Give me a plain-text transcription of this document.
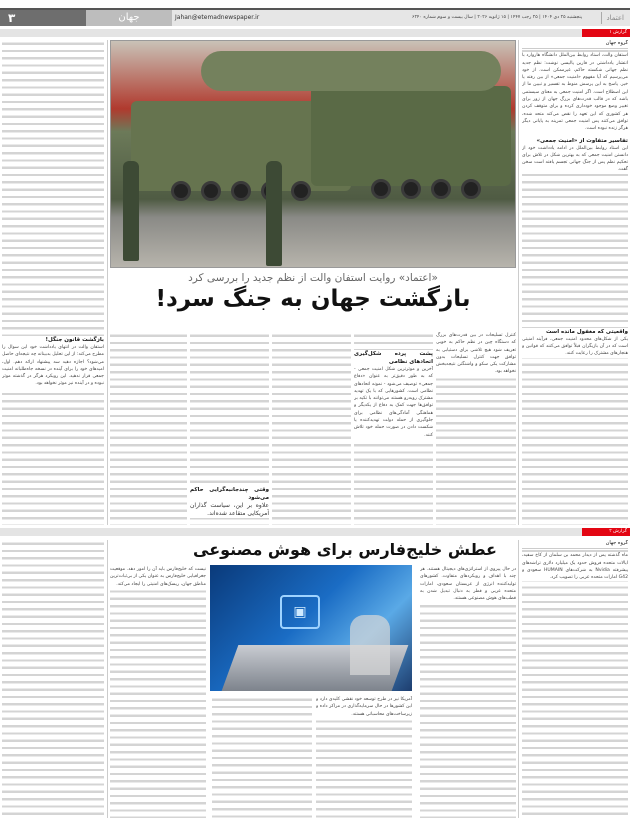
۳	جهان	Jahan@etemadnewspaper.ir	پنجشنبه ۲۵ دی ۱۴۰۴ | ۲۵ رجب ۱۴۴۷ | ۱۵ ژانویه ۲۰۲۶ | سال بیست و سوم شماره ۶۲۴۰	اعتماد
گزارش ۱
گروه جهان

استفان والت، استاد روابط بین‌الملل دانشگاه هاروارد با انتشار یادداشتی در فارین پالیسی نوشت: نظم جدید نظم جهانی شکسته حاکم، غیرممکن است. از خود می‌پرسیم که آیا مفهوم «امنیت جمعی» از بین رفته یا خیر. پاسخ به این پرسش منوط به تفسیر و تبیین ما از این اصطلاح است. اگر امنیت جمعی به معنای سیستمی باشد که در قالب قدرت‌های بزرگ جهان از زور برای تغییر وضع موجود خودداری کرده و برای متوقف کردن هر کشوری که این تعهد را نقض می‌کند متحد شده، توافق می‌کنند پس امنیت جمعی تمرینه به پایانی دیگر هرگز زنده نبوده است.

تفاسیر متفاوت از «امنیت جمعی»

این استاد روابط بین‌الملل در ادامه یادداشت خود از دانستن امنیت جمعی که به بهترین شکل در تلاش برای تحکیم نظم پس از جنگ جهانی تجسم یافته است سخن گفت.

واقعیتی که مغفول مانده است

یکی از شکل‌های محدود امنیت جمعی، فرآیند امنیتی است که در آن بازیگران قبلاً توافق می‌کنند که قوانین و هنجارهای مشترک را رعایت کنند.

«اعتماد» روایت استفان والت از نظم جدید را بررسی کرد
بازگشت جهان به جنگ سرد!

کنترل تسلیحات در بین قدرت‌های بزرگ که دستگاه چین در نظم حاکم به خوبی تعریف شود هیچ تلاشی برای دستیابی به توافق جهت کنترل تسلیحات بدون مشارکت یکی سکو و واشنگتن نتیجه‌بخش نخواهد بود.

پشت پرده شکل‌گیری اتحادهای نظامی

آخرین و موثرترین شکل امنیت جمعی - که به طور دقیق‌تر به عنوان «دفاع جمعی» توصیف می‌شود - نمونه اتحادهای نظامی است. کشورهایی که با یک تهدید مشترک روبه‌رو هستند می‌توانند با تکیه بر توافق‌ها جهت کمک به دفاع از یکدیگر و هماهنگی آمادگی‌های نظامی برای جلوگیری از حمله دولت تهدیدکننده یا شکست دادن در صورت حمله خود تلاش کنند.

وقتی چندجانبه‌گرایی حاکم می‌شود

علاوه بر این، سیاست گذاران آمریکایی متقاعد شده‌اند.

بازگشت قانون جنگل!

استفان والت در انتهای یادداشت خود این سوال را مطرح می‌کند: از این تحلیل بدبینانه چه نتیجه‌ای حاصل می‌شود؟ اجازه دهید سه پیشنهاد ارائه دهم. اول، امیدهای خود را برای آینده در نسخه جاه‌طلبانه امنیت جمعی قرار ندهید. این رویکرد هرگز در گذشته موثر نبوده و در آینده نیز موثر نخواهد بود.

گزارش ۲
گروه جهان

ماه گذشته پس از دیدار محمد بن سلمان از کاخ سفید، ایالات متحده فروش حدود یک میلیارد دلاری تراشه‌های پیشرفته Nvidia به شرکت‌های HUMAIN سعودی و G42 امارات متحده عربی را تصویب کرد.

عطش خلیج‌فارس برای هوش مصنوعی

در حال پیروی از استراتژی‌های دیجیتال هستند. هر چند با اهداف و رویکردهای متفاوت. کشورهای تولیدکننده انرژی از عربستان سعودی، امارات متحده عربی و قطر به دنبال تبدیل شدن به قطب‌های هوش مصنوعی هستند.

نیست که خلیج‌فارس باید آن را امور دهد. موقعیت جغرافیایی خلیج‌فارس به عنوان یکی از بی‌ثبات‌ترین مناطق جهان، ریسک‌های امنیتی را ایجاد می‌کند.

آمریکا نیز در طرح توسعه خود نقشی کلیدی دارد و این کشورها در حال سرمایه‌گذاری در مراکز داده و زیرساخت‌های محاسباتی هستند.

▣
